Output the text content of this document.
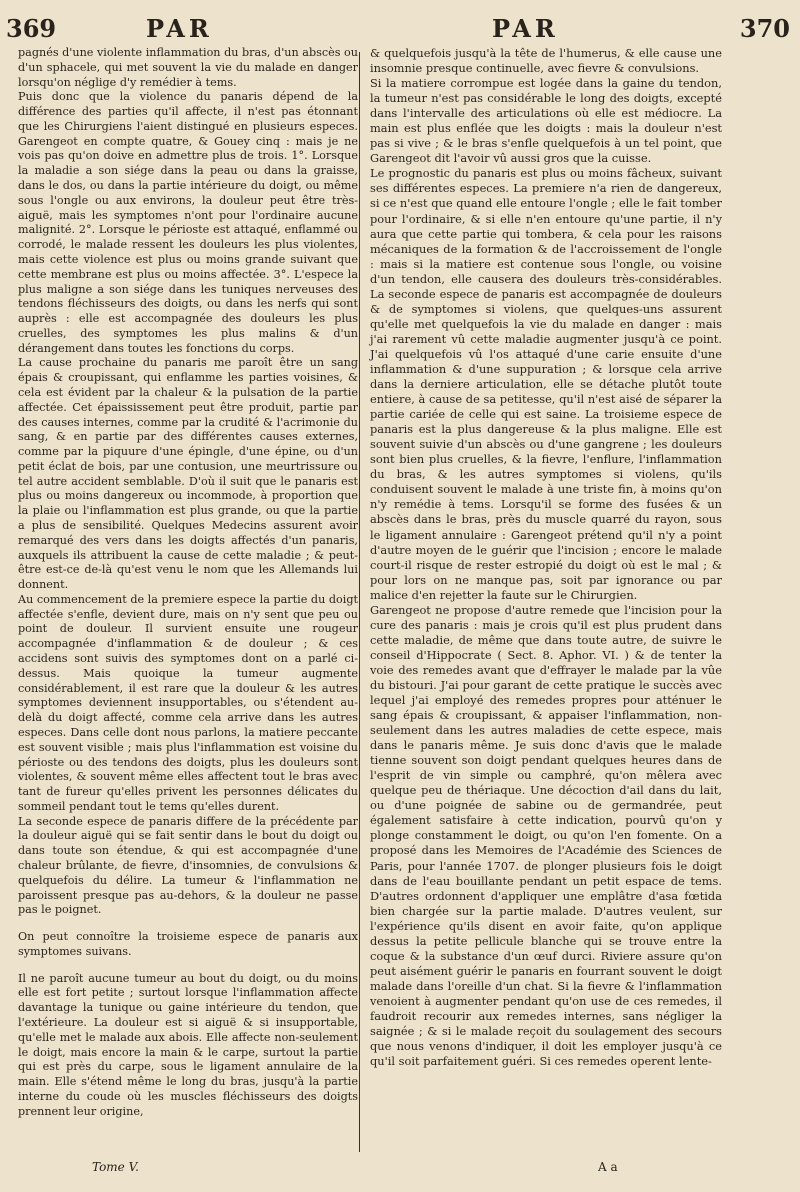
369	PAR	PAR	370

pagnés d'une violente inflammation du bras, d'un abscès ou d'un sphacele, qui met souvent la vie du malade en danger lorsqu'on néglige d'y remédier à tems.

Puis donc que la violence du panaris dépend de la différence des parties qu'il affecte, il n'est pas étonnant que les Chirurgiens l'aient distingué en plusieurs especes. Garengeot en compte quatre, & Gouey cinq : mais je ne vois pas qu'on doive en admettre plus de trois. 1°. Lorsque la maladie a son siége dans la peau ou dans la graisse, dans le dos, ou dans la partie intérieure du doigt, ou même sous l'ongle ou aux environs, la douleur peut être très-aiguë, mais les symptomes n'ont pour l'ordinaire aucune malignité. 2°. Lorsque le périoste est attaqué, enflammé ou corrodé, le malade ressent les douleurs les plus violentes, mais cette violence est plus ou moins grande suivant que cette membrane est plus ou moins affectée. 3°. L'espece la plus maligne a son siége dans les tuniques nerveuses des tendons fléchisseurs des doigts, ou dans les nerfs qui sont auprès : elle est accompagnée des douleurs les plus cruelles, des symptomes les plus malins & d'un dérangement dans toutes les fonctions du corps.

La cause prochaine du panaris me paroît être un sang épais & croupissant, qui enflamme les parties voisines, & cela est évident par la chaleur & la pulsation de la partie affectée. Cet épaississement peut être produit, partie par des causes internes, comme par la crudité & l'acrimonie du sang, & en partie par des différentes causes externes, comme par la piquure d'une épingle, d'une épine, ou d'un petit éclat de bois, par une contusion, une meurtrissure ou tel autre accident semblable. D'où il suit que le panaris est plus ou moins dangereux ou incommode, à proportion que la plaie ou l'inflammation est plus grande, ou que la partie a plus de sensibilité. Quelques Medecins assurent avoir remarqué des vers dans les doigts affectés d'un panaris, auxquels ils attribuent la cause de cette maladie ; & peut-être est-ce de-là qu'est venu le nom que les Allemands lui donnent.

Au commencement de la premiere espece la partie du doigt affectée s'enfle, devient dure, mais on n'y sent que peu ou point de douleur. Il survient ensuite une rougeur accompagnée d'inflammation & de douleur ; & ces accidens sont suivis des symptomes dont on a parlé ci-dessus. Mais quoique la tumeur augmente considérablement, il est rare que la douleur & les autres symptomes deviennent insupportables, ou s'étendent au-delà du doigt affecté, comme cela arrive dans les autres especes. Dans celle dont nous parlons, la matiere peccante est souvent visible ; mais plus l'inflammation est voisine du périoste ou des tendons des doigts, plus les douleurs sont violentes, & souvent même elles affectent tout le bras avec tant de fureur qu'elles privent les personnes délicates du sommeil pendant tout le tems qu'elles durent.

La seconde espece de panaris differe de la précédente par la douleur aiguë qui se fait sentir dans le bout du doigt ou dans toute son étendue, & qui est accompagnée d'une chaleur brûlante, de fievre, d'insomnies, de convulsions & quelquefois du délire. La tumeur & l'inflammation ne paroissent presque pas au-dehors, & la douleur ne passe pas le poignet.

On peut connoître la troisieme espece de panaris aux symptomes suivans.

Il ne paroît aucune tumeur au bout du doigt, ou du moins elle est fort petite ; surtout lorsque l'inflammation affecte davantage la tunique ou gaine intérieure du tendon, que l'extérieure. La douleur est si aiguë & si insupportable, qu'elle met le malade aux abois. Elle affecte non-seulement le doigt, mais encore la main & le carpe, surtout la partie qui est près du carpe, sous le ligament annulaire de la main. Elle s'étend même le long du bras, jusqu'à la partie interne du coude où les muscles fléchisseurs des doigts prennent leur origine,

& quelquefois jusqu'à la tête de l'humerus, & elle cause une insomnie presque continuelle, avec fievre & convulsions.

Si la matiere corrompue est logée dans la gaine du tendon, la tumeur n'est pas considérable le long des doigts, excepté dans l'intervalle des articulations où elle est médiocre. La main est plus enflée que les doigts : mais la douleur n'est pas si vive ; & le bras s'enfle quelquefois à un tel point, que Garengeot dit l'avoir vû aussi gros que la cuisse.

Le prognostic du panaris est plus ou moins fâcheux, suivant ses différentes especes. La premiere n'a rien de dangereux, si ce n'est que quand elle entoure l'ongle ; elle le fait tomber pour l'ordinaire, & si elle n'en entoure qu'une partie, il n'y aura que cette partie qui tombera, & cela pour les raisons mécaniques de la formation & de l'accroissement de l'ongle : mais si la matiere est contenue sous l'ongle, ou voisine d'un tendon, elle causera des douleurs très-considérables. La seconde espece de panaris est accompagnée de douleurs & de symptomes si violens, que quelques-uns assurent qu'elle met quelquefois la vie du malade en danger : mais j'ai rarement vû cette maladie augmenter jusqu'à ce point. J'ai quelquefois vû l'os attaqué d'une carie ensuite d'une inflammation & d'une suppuration ; & lorsque cela arrive dans la derniere articulation, elle se détache plutôt toute entiere, à cause de sa petitesse, qu'il n'est aisé de séparer la partie cariée de celle qui est saine. La troisieme espece de panaris est la plus dangereuse & la plus maligne. Elle est souvent suivie d'un abscès ou d'une gangrene ; les douleurs sont bien plus cruelles, & la fievre, l'enflure, l'inflammation du bras, & les autres symptomes si violens, qu'ils conduisent souvent le malade à une triste fin, à moins qu'on n'y remédie à tems. Lorsqu'il se forme des fusées & un abscès dans le bras, près du muscle quarré du rayon, sous le ligament annulaire : Garengeot prétend qu'il n'y a point d'autre moyen de le guérir que l'incision ; encore le malade court-il risque de rester estropié du doigt où est le mal ; & pour lors on ne manque pas, soit par ignorance ou par malice d'en rejetter la faute sur le Chirurgien.

Garengeot ne propose d'autre remede que l'incision pour la cure des panaris : mais je crois qu'il est plus prudent dans cette maladie, de même que dans toute autre, de suivre le conseil d'Hippocrate ( Sect. 8. Aphor. VI. ) & de tenter la voie des remedes avant que d'effrayer le malade par la vûe du bistouri. J'ai pour garant de cette pratique le succès avec lequel j'ai employé des remedes propres pour atténuer le sang épais & croupissant, & appaiser l'inflammation, non-seulement dans les autres maladies de cette espece, mais dans le panaris même. Je suis donc d'avis que le malade tienne souvent son doigt pendant quelques heures dans de l'esprit de vin simple ou camphré, qu'on mêlera avec quelque peu de thériaque. Une décoction d'ail dans du lait, ou d'une poignée de sabine ou de germandrée, peut également satisfaire à cette indication, pourvû qu'on y plonge constamment le doigt, ou qu'on l'en fomente. On a proposé dans les Memoires de l'Académie des Sciences de Paris, pour l'année 1707. de plonger plusieurs fois le doigt dans de l'eau bouillante pendant un petit espace de tems. D'autres ordonnent d'appliquer une emplâtre d'asa fœtida bien chargée sur la partie malade. D'autres veulent, sur l'expérience qu'ils disent en avoir faite, qu'on applique dessus la petite pellicule blanche qui se trouve entre la coque & la substance d'un œuf durci. Riviere assure qu'on peut aisément guérir le panaris en fourrant souvent le doigt malade dans l'oreille d'un chat. Si la fievre & l'inflammation venoient à augmenter pendant qu'on use de ces remedes, il faudroit recourir aux remedes internes, sans négliger la saignée ; & si le malade reçoit du soulagement des secours que nous venons d'indiquer, il doit les employer jusqu'à ce qu'il soit parfaitement guéri. Si ces remedes operent lente-

Tome V.	A a
